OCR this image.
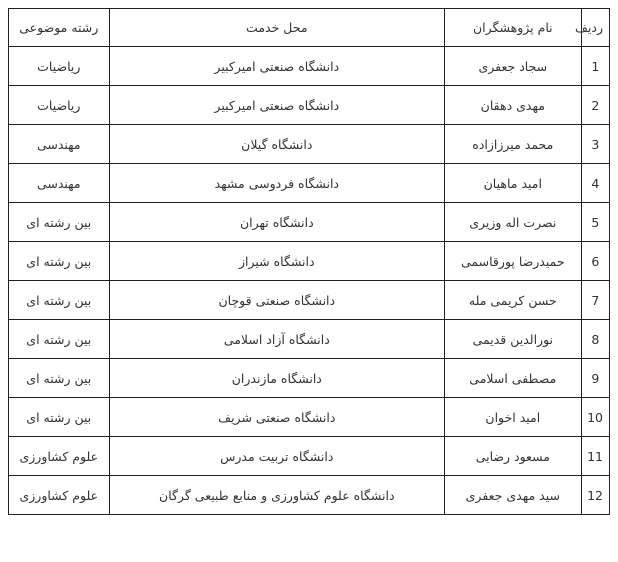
ردیف	نام پژوهشگران	محل خدمت	رشته موضوعی
1	سجاد جعفری	دانشگاه صنعتی امیرکبیر	ریاضیات
2	مهدی دهقان	دانشگاه صنعتی امیرکبیر	ریاضیات
3	محمد میرزازاده	دانشگاه گیلان	مهندسی
4	امید ماهیان	دانشگاه فردوسی مشهد	مهندسی
5	نصرت اله وزیری	دانشگاه تهران	بین رشته ای
6	حمیدرضا پورقاسمی	دانشگاه شیراز	بین رشته ای
7	حسن کریمی مله	دانشگاه صنعتی قوچان	بین رشته ای
8	نورالدین قدیمی	دانشگاه آزاد اسلامی	بین رشته ای
9	مصطفی اسلامی	دانشگاه مازندران	بین رشته ای
10	امید اخوان	دانشگاه صنعتی شریف	بین رشته ای
11	مسعود رضایی	دانشگاه تربیت مدرس	علوم کشاورزی
12	سید مهدی جعفری	دانشگاه علوم کشاورزی و منابع طبیعی گرگان	علوم کشاورزی
